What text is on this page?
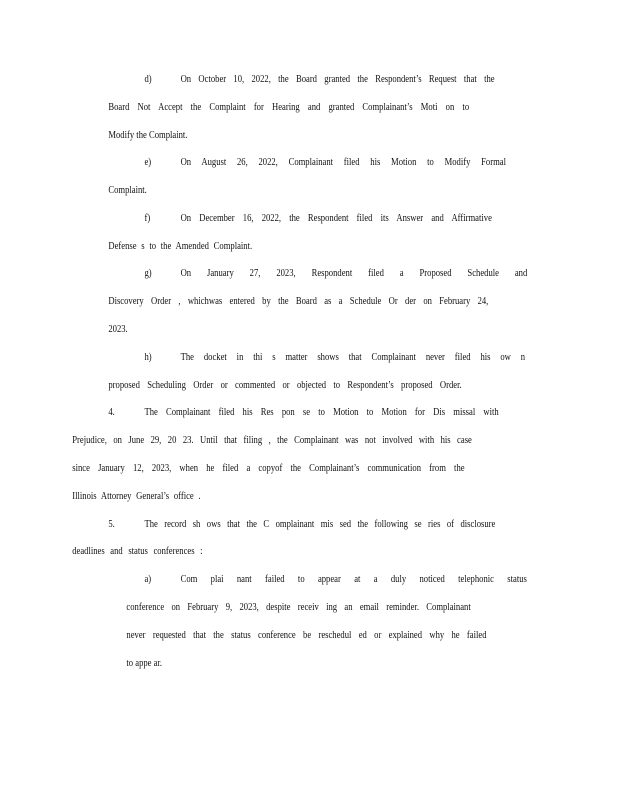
d)	On October 10, 2022, the Board granted the Respondent’s Request that the
Board Not Accept the Complaint for Hearing and granted Complainant’s Moti on to
Modify the Complaint.
e)	On August 26, 2022, Complainant filed his Motion to Modify Formal
Complaint.
f)	On December 16, 2022, the Respondent filed its Answer and Affirmative
Defense s to the Amended Complaint.
g)	On January 27, 2023, Respondent filed a Proposed Schedule and
Discovery Order , whichwas entered by the Board as a Schedule Or der on February 24,
2023.
h)	The docket in thi s matter shows that Complainant never filed his ow n
proposed Scheduling Order or commented or objected to Respondent’s proposed Order.
4.	The Complainant filed his Res pon se to Motion to Motion for Dis missal with
Prejudice, on June 29, 20 23. Until that filing , the Complainant was not involved with his case
since January 12, 2023, when he filed a copyof the Complainant’s communication from the
Illinois Attorney General’s office .
5.	The record sh ows that the C omplainant mis sed the following se ries of disclosure
deadlines and status conferences :
a)	Com plai nant failed to appear at a duly noticed telephonic status
conference on February 9, 2023, despite receiv ing an email reminder. Complainant
never requested that the status conference be reschedul ed or explained why he failed
to appe ar.
